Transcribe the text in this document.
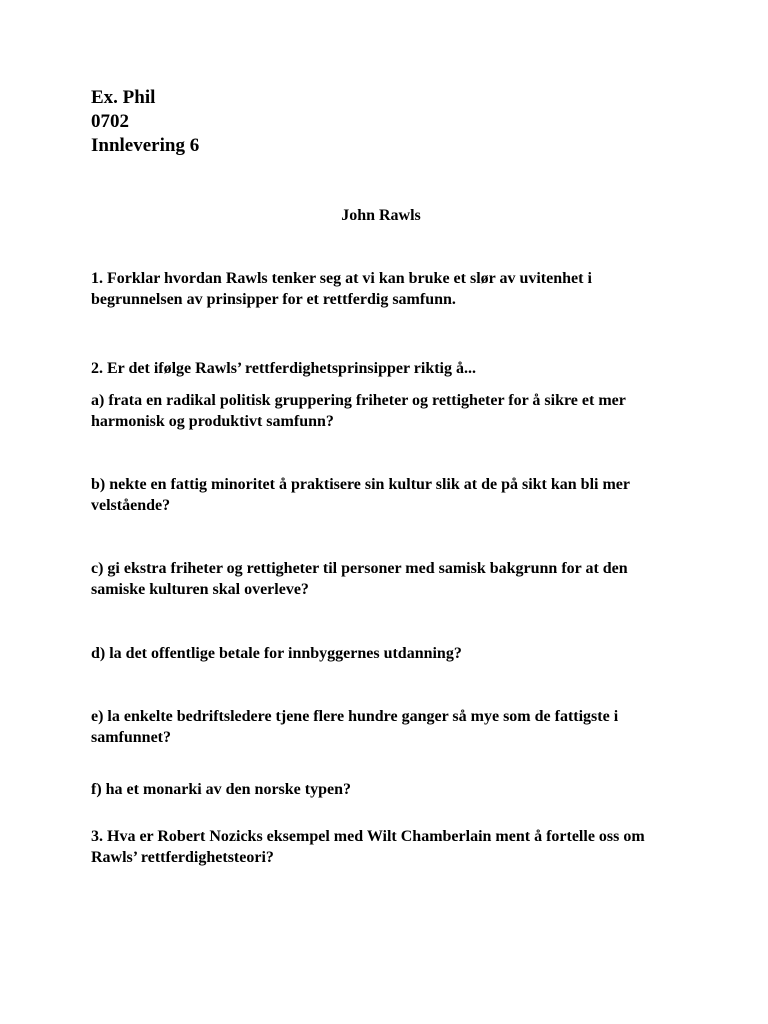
Ex. Phil
0702
Innlevering 6
John Rawls
1. Forklar hvordan Rawls tenker seg at vi kan bruke et slør av uvitenhet i begrunnelsen av prinsipper for et rettferdig samfunn.
2. Er det ifølge Rawls’ rettferdighetsprinsipper riktig å...
a) frata en radikal politisk gruppering friheter og rettigheter for å sikre et mer harmonisk og produktivt samfunn?
b) nekte en fattig minoritet å praktisere sin kultur slik at de på sikt kan bli mer velstående?
c) gi ekstra friheter og rettigheter til personer med samisk bakgrunn for at den samiske kulturen skal overleve?
d) la det offentlige betale for innbyggernes utdanning?
e) la enkelte bedriftsledere tjene flere hundre ganger så mye som de fattigste i samfunnet?
f) ha et monarki av den norske typen?
3. Hva er Robert Nozicks eksempel med Wilt Chamberlain ment å fortelle oss om Rawls’ rettferdighetsteori?
